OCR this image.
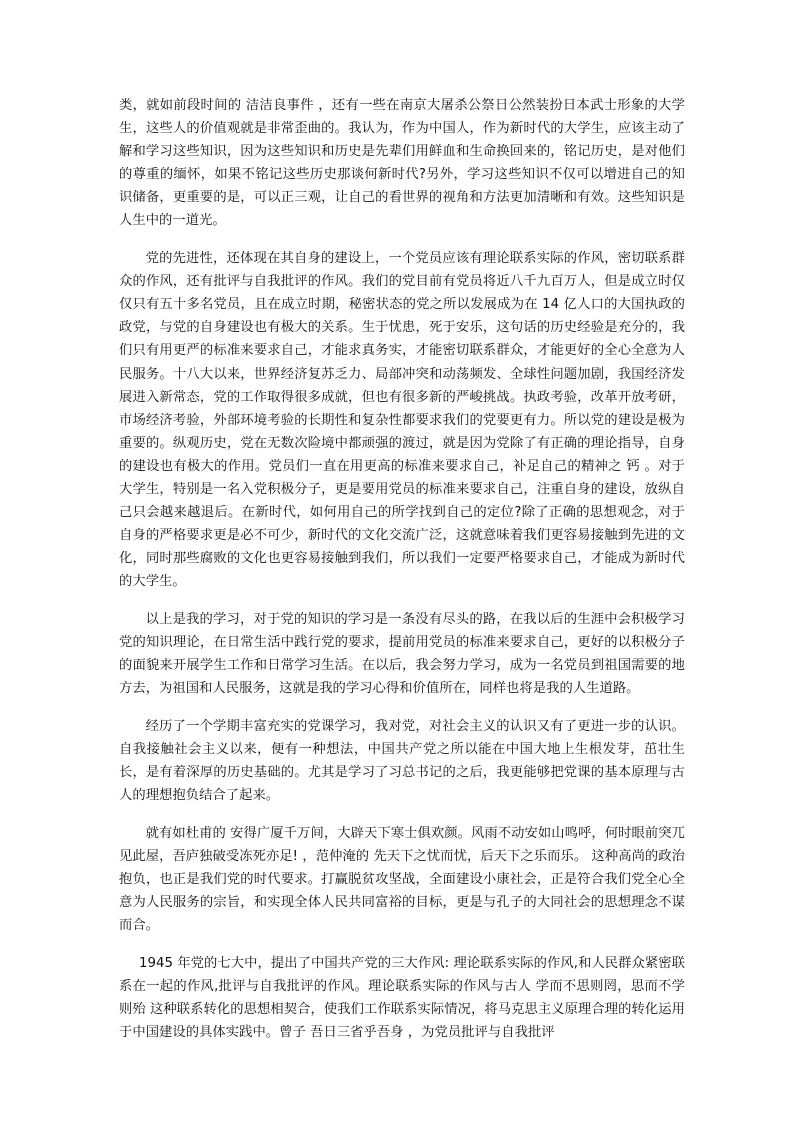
类，就如前段时间的 洁洁良事件 ，还有一些在南京大屠杀公祭日公然装扮日本武士形象的大学生，这些人的价值观就是非常歪曲的。我认为，作为中国人，作为新时代的大学生，应该主动了解和学习这些知识，因为这些知识和历史是先辈们用鲜血和生命换回来的，铭记历史，是对他们的尊重的缅怀，如果不铭记这些历史那谈何新时代?另外，学习这些知识不仅可以增进自己的知识储备，更重要的是，可以正三观，让自己的看世界的视角和方法更加清晰和有效。这些知识是人生中的一道光。

党的先进性，还体现在其自身的建设上，一个党员应该有理论联系实际的作风，密切联系群众的作风，还有批评与自我批评的作风。我们的党目前有党员将近八千九百万人，但是成立时仅仅只有五十多名党员，且在成立时期，秘密状态的党之所以发展成为在 14 亿人口的大国执政的政党，与党的自身建设也有极大的关系。生于忧患，死于安乐，这句话的历史经验是充分的，我们只有用更严的标准来要求自己，才能求真务实，才能密切联系群众，才能更好的全心全意为人民服务。十八大以来，世界经济复苏乏力、局部冲突和动荡频发、全球性问题加剧，我国经济发展进入新常态，党的工作取得很多成就，但也有很多新的严峻挑战。执政考验，改革开放考研，市场经济考验，外部环境考验的长期性和复杂性都要求我们的党要更有力。所以党的建设是极为重要的。纵观历史，党在无数次险境中都顽强的渡过，就是因为党除了有正确的理论指导，自身的建设也有极大的作用。党员们一直在用更高的标准来要求自己，补足自己的精神之 钙 。对于大学生，特别是一名入党积极分子，更是要用党员的标准来要求自己，注重自身的建设，放纵自己只会越来越退后。在新时代，如何用自己的所学找到自己的定位?除了正确的思想观念，对于自身的严格要求更是必不可少，新时代的文化交流广泛，这就意味着我们更容易接触到先进的文化，同时那些腐败的文化也更容易接触到我们，所以我们一定要严格要求自己，才能成为新时代的大学生。

以上是我的学习，对于党的知识的学习是一条没有尽头的路，在我以后的生涯中会积极学习党的知识理论，在日常生活中践行党的要求，提前用党员的标准来要求自己，更好的以积极分子的面貌来开展学生工作和日常学习生活。在以后，我会努力学习，成为一名党员到祖国需要的地方去，为祖国和人民服务，这就是我的学习心得和价值所在，同样也将是我的人生道路。

经历了一个学期丰富充实的党课学习，我对党，对社会主义的认识又有了更进一步的认识。自我接触社会主义以来，便有一种想法，中国共产党之所以能在中国大地上生根发芽，茁壮生长，是有着深厚的历史基础的。尤其是学习了习总书记的之后，我更能够把党课的基本原理与古人的理想抱负结合了起来。

就有如杜甫的 安得广厦千万间，大辟天下寒士俱欢颜。风雨不动安如山鸣呼，何时眼前突兀见此屋，吾庐独破受冻死亦足! ，范仲淹的 先天下之忧而忧，后天下之乐而乐。 这种高尚的政治抱负，也正是我们党的时代要求。打赢脱贫攻坚战，全面建设小康社会，正是符合我们党全心全意为人民服务的宗旨，和实现全体人民共同富裕的目标，更是与孔子的大同社会的思想理念不谋而合。

1945 年党的七大中，提出了中国共产党的三大作风: 理论联系实际的作风,和人民群众紧密联系在一起的作风,批评与自我批评的作风。理论联系实际的作风与古人 学而不思则罔，思而不学则殆 这种联系转化的思想相契合，使我们工作联系实际情况，将马克思主义原理合理的转化运用于中国建设的具体实践中。曾子 吾日三省乎吾身 ，为党员批评与自我批评
